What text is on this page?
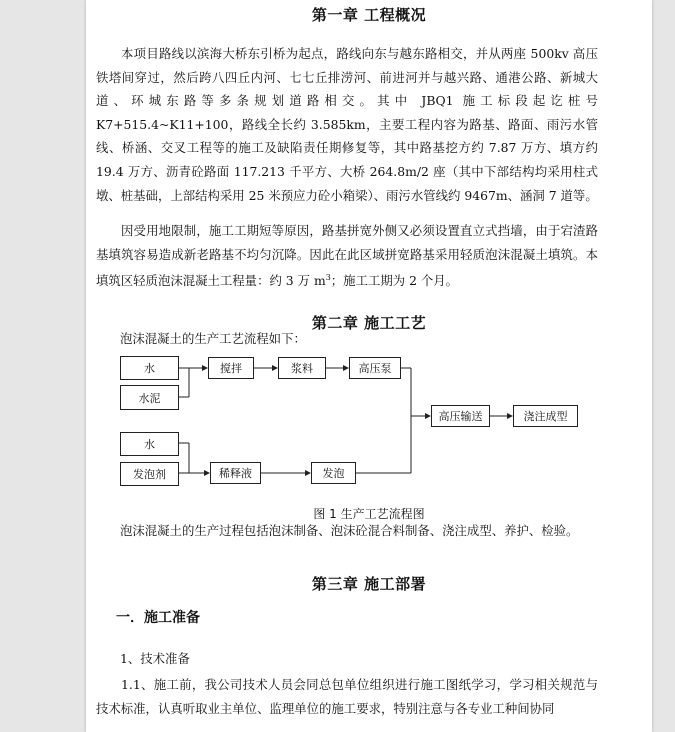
第一章 工程概况

本项目路线以滨海大桥东引桥为起点，路线向东与越东路相交，并从两座 500kv 高压铁塔间穿过，然后跨八四丘内河、七七丘排涝河、前进河并与越兴路、通港公路、新城大道、环城东路等多条规划道路相交。其中 JBQ1 施工标段起讫桩号 K7+515.4~K11+100，路线全长约 3.585km，主要工程内容为路基、路面、雨污水管线、桥涵、交叉工程等的施工及缺陷责任期修复等，其中路基挖方约 7.87 万方、填方约 19.4 万方、沥青砼路面 117.213 千平方、大桥 264.8m/2 座（其中下部结构均采用柱式墩、桩基础，上部结构采用 25 米预应力砼小箱梁）、雨污水管线约 9467m、涵洞 7 道等。

因受用地限制，施工工期短等原因，路基拼宽外侧又必须设置直立式挡墙，由于宕渣路基填筑容易造成新老路基不均匀沉降。因此在此区域拼宽路基采用轻质泡沫混凝土填筑。本填筑区轻质泡沫混凝土工程量：约 3 万 $m^3$；施工工期为 2 个月。

第二章 施工工艺
泡沫混凝土的生产工艺流程如下：
水
水泥
搅拌	浆料	高压泵
水
发泡剂	稀释液	发泡
高压输送	浇注成型
图 1 生产工艺流程图
泡沫混凝土的生产过程包括泡沫制备、泡沫砼混合料制备、浇注成型、养护、检验。
第三章 施工部署
一．施工准备
1、技术准备

1.1、施工前，我公司技术人员会同总包单位组织进行施工图纸学习，学习相关规范与技术标准，认真听取业主单位、监理单位的施工要求，特别注意与各专业工种间协同
